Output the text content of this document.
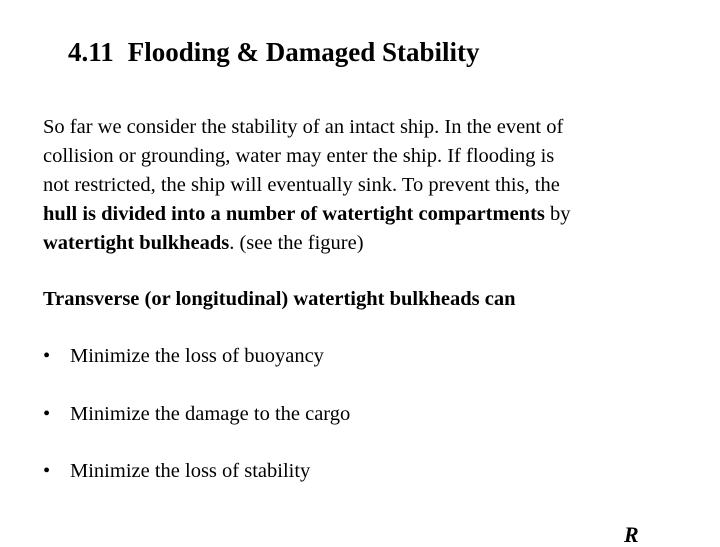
4.11 Flooding & Damaged Stability
So far we consider the stability of an intact ship. In the event of
collision or grounding, water may enter the ship. If flooding is
not restricted, the ship will eventually sink. To prevent this, the
hull is divided into a number of watertight compartments by
watertight bulkheads. (see the figure)
Transverse (or longitudinal) watertight bulkheads can
• Minimize the loss of buoyancy
• Minimize the damage to the cargo
• Minimize the loss of stability
R
